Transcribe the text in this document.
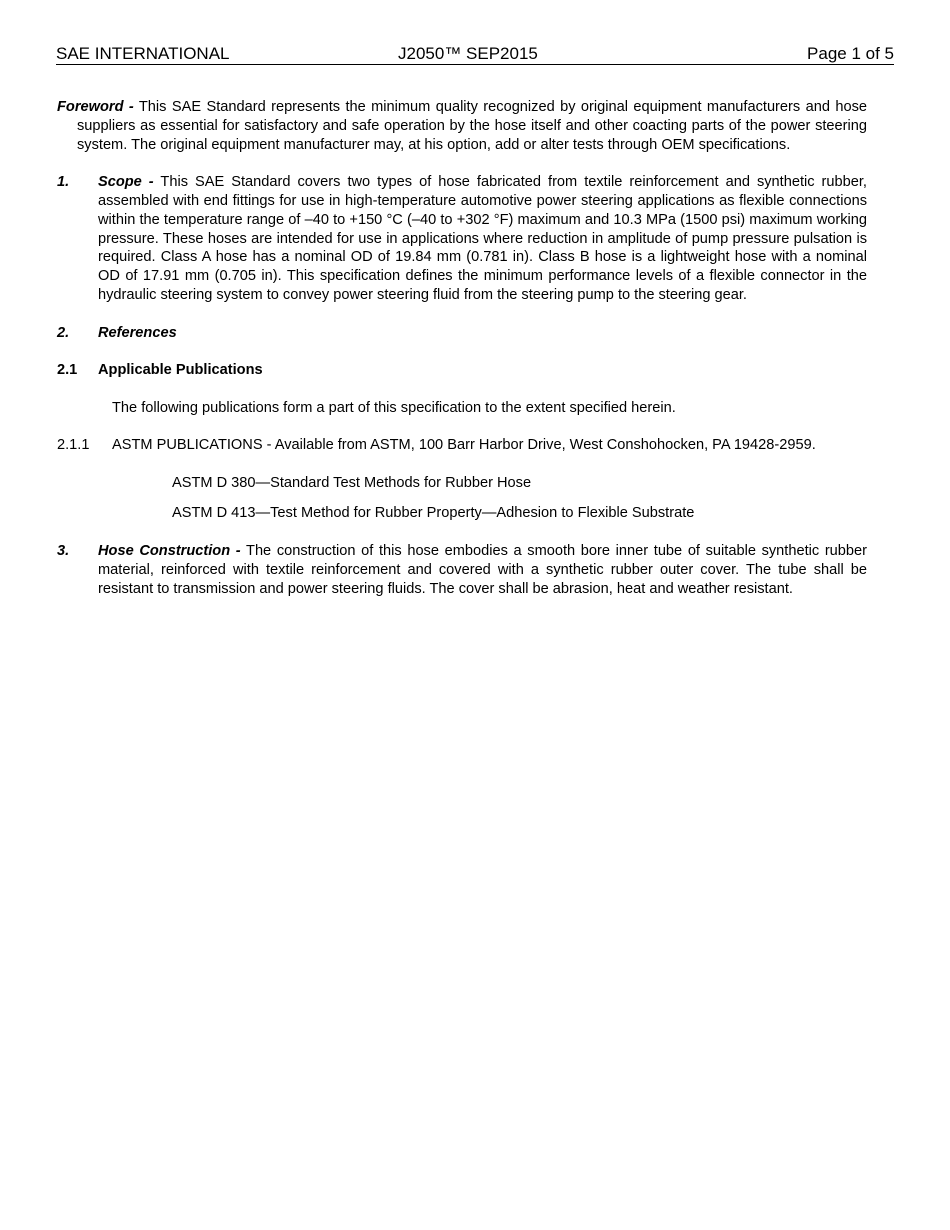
SAE INTERNATIONAL	J2050™ SEP2015	Page 1 of 5

Foreword - This SAE Standard represents the minimum quality recognized by original equipment manufacturers and hose suppliers as essential for satisfactory and safe operation by the hose itself and other coacting parts of the power steering system. The original equipment manufacturer may, at his option, add or alter tests through OEM specifications.

1. Scope - This SAE Standard covers two types of hose fabricated from textile reinforcement and synthetic rubber, assembled with end fittings for use in high-temperature automotive power steering applications as flexible connections within the temperature range of –40 to +150 °C (–40 to +302 °F) maximum and 10.3 MPa (1500 psi) maximum working pressure. These hoses are intended for use in applications where reduction in amplitude of pump pressure pulsation is required. Class A hose has a nominal OD of 19.84 mm (0.781 in). Class B hose is a lightweight hose with a nominal OD of 17.91 mm (0.705 in). This specification defines the minimum performance levels of a flexible connector in the hydraulic steering system to convey power steering fluid from the steering pump to the steering gear.

2. References

2.1 Applicable Publications

The following publications form a part of this specification to the extent specified herein.

2.1.1 ASTM PUBLICATIONS - Available from ASTM, 100 Barr Harbor Drive, West Conshohocken, PA 19428-2959.

ASTM D 380—Standard Test Methods for Rubber Hose

ASTM D 413—Test Method for Rubber Property—Adhesion to Flexible Substrate

3. Hose Construction - The construction of this hose embodies a smooth bore inner tube of suitable synthetic rubber material, reinforced with textile reinforcement and covered with a synthetic rubber outer cover. The tube shall be resistant to transmission and power steering fluids. The cover shall be abrasion, heat and weather resistant.
